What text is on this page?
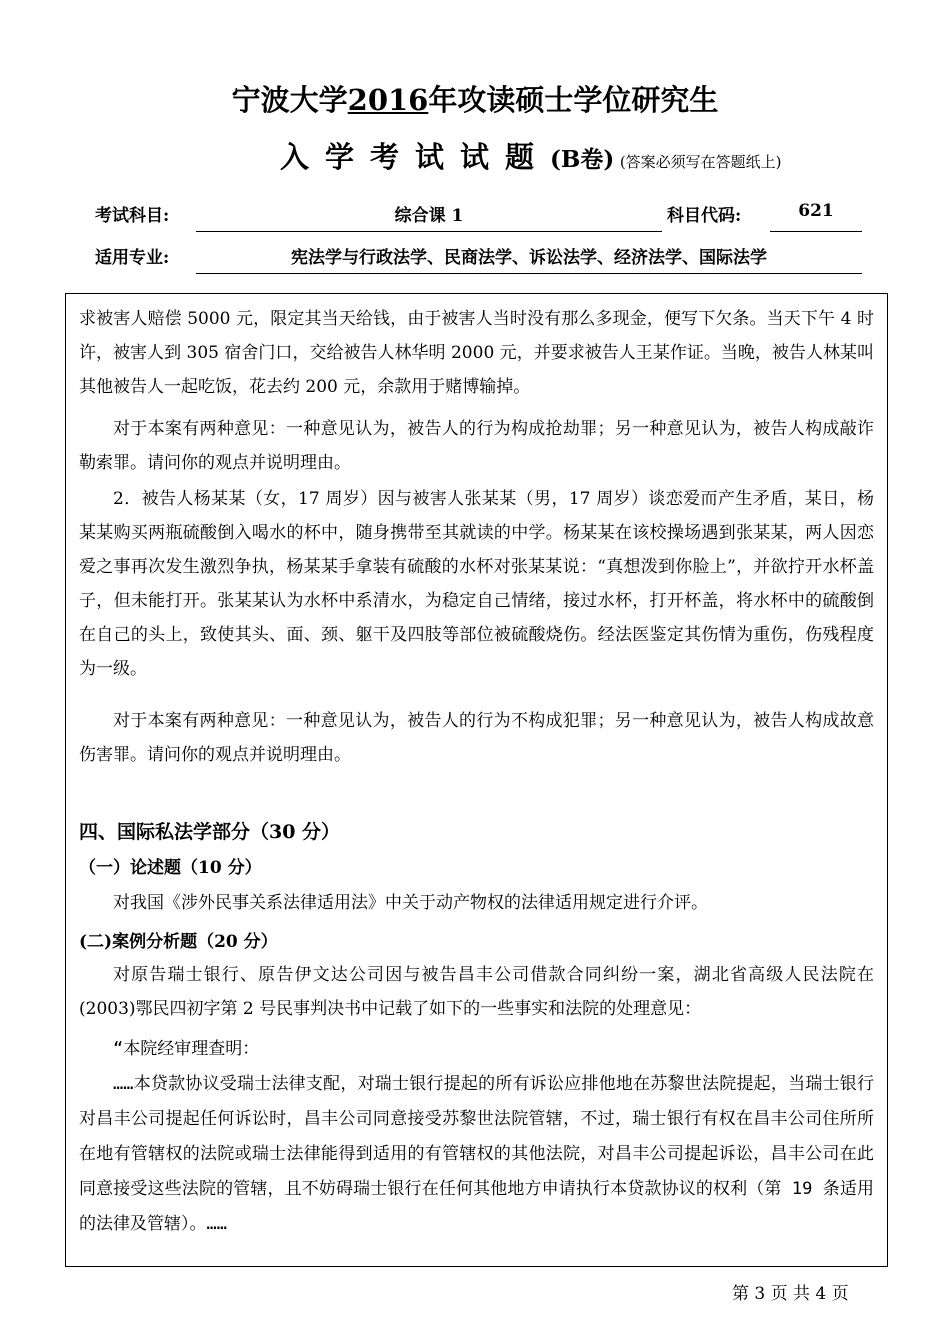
宁波大学2016年攻读硕士学位研究生
入学考试试题(B卷) (答案必须写在答题纸上)
考试科目:	综合课 1	科目代码:	621
适用专业:	宪法学与行政法学、民商法学、诉讼法学、经济法学、国际法学

求被害人赔偿 5000 元，限定其当天给钱，由于被害人当时没有那么多现金，便写下欠条。当天下午 4 时许，被害人到 305 宿舍门口，交给被告人林华明 2000 元，并要求被告人王某作证。当晚，被告人林某叫其他被告人一起吃饭，花去约 200 元，余款用于赌博输掉。

对于本案有两种意见：一种意见认为，被告人的行为构成抢劫罪；另一种意见认为，被告人构成敲诈勒索罪。请问你的观点并说明理由。

2．被告人杨某某（女，17 周岁）因与被害人张某某（男，17 周岁）谈恋爱而产生矛盾，某日，杨某某购买两瓶硫酸倒入喝水的杯中，随身携带至其就读的中学。杨某某在该校操场遇到张某某，两人因恋爱之事再次发生激烈争执，杨某某手拿装有硫酸的水杯对张某某说：“真想泼到你脸上”，并欲拧开水杯盖子，但未能打开。张某某认为水杯中系清水，为稳定自己情绪，接过水杯，打开杯盖，将水杯中的硫酸倒在自己的头上，致使其头、面、颈、躯干及四肢等部位被硫酸烧伤。经法医鉴定其伤情为重伤，伤残程度为一级。

对于本案有两种意见：一种意见认为，被告人的行为不构成犯罪；另一种意见认为，被告人构成故意伤害罪。请问你的观点并说明理由。

四、国际私法学部分（30 分）
（一）论述题（10 分）

对我国《涉外民事关系法律适用法》中关于动产物权的法律适用规定进行介评。

(二)案例分析题（20 分）

对原告瑞士银行、原告伊文达公司因与被告昌丰公司借款合同纠纷一案，湖北省高级人民法院在(2003)鄂民四初字第 2 号民事判决书中记载了如下的一些事实和法院的处理意见：

“本院经审理查明：

……本贷款协议受瑞士法律支配，对瑞士银行提起的所有诉讼应排他地在苏黎世法院提起，当瑞士银行对昌丰公司提起任何诉讼时，昌丰公司同意接受苏黎世法院管辖，不过，瑞士银行有权在昌丰公司住所所在地有管辖权的法院或瑞士法律能得到适用的有管辖权的其他法院，对昌丰公司提起诉讼，昌丰公司在此同意接受这些法院的管辖，且不妨碍瑞士银行在任何其他地方申请执行本贷款协议的权利（第 19 条适用的法律及管辖）。……

第 3 页 共 4 页
